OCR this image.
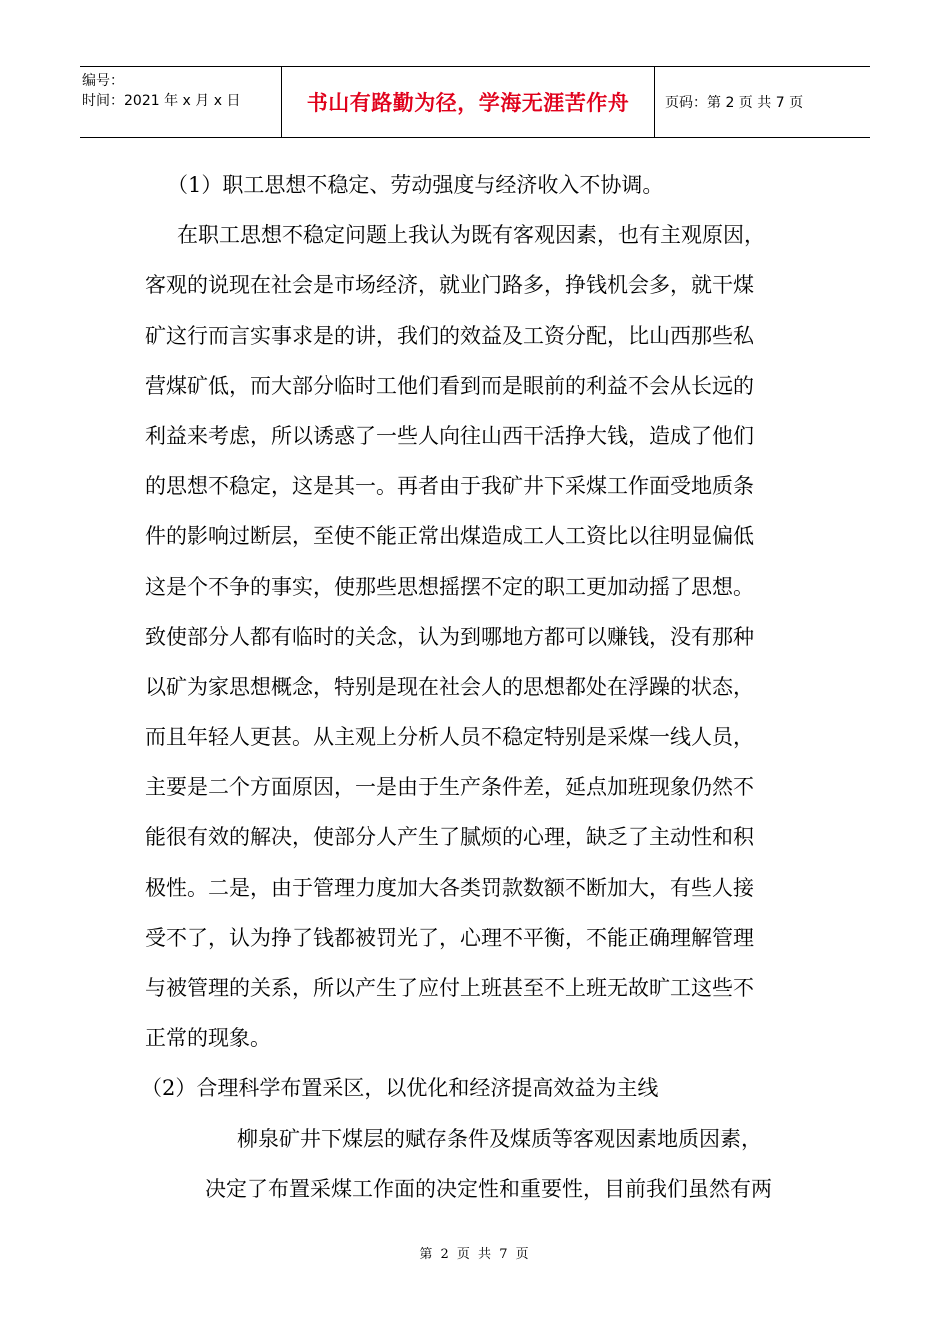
编号：
时间：2021 年 x 月 x 日	书山有路勤为径，学海无涯苦作舟	页码：第 2 页 共 7 页
（1）职工思想不稳定、劳动强度与经济收入不协调。
在职工思想不稳定问题上我认为既有客观因素，也有主观原因，
客观的说现在社会是市场经济，就业门路多，挣钱机会多，就干煤
矿这行而言实事求是的讲，我们的效益及工资分配，比山西那些私
营煤矿低，而大部分临时工他们看到而是眼前的利益不会从长远的
利益来考虑，所以诱惑了一些人向往山西干活挣大钱，造成了他们
的思想不稳定，这是其一。再者由于我矿井下采煤工作面受地质条
件的影响过断层，至使不能正常出煤造成工人工资比以往明显偏低
这是个不争的事实，使那些思想摇摆不定的职工更加动摇了思想。
致使部分人都有临时的关念，认为到哪地方都可以赚钱，没有那种
以矿为家思想概念，特别是现在社会人的思想都处在浮躁的状态，
而且年轻人更甚。从主观上分析人员不稳定特别是采煤一线人员，
主要是二个方面原因，一是由于生产条件差，延点加班现象仍然不
能很有效的解决，使部分人产生了腻烦的心理，缺乏了主动性和积
极性。二是，由于管理力度加大各类罚款数额不断加大，有些人接
受不了，认为挣了钱都被罚光了，心理不平衡，不能正确理解管理
与被管理的关系，所以产生了应付上班甚至不上班无故旷工这些不
正常的现象。
（2）合理科学布置采区，以优化和经济提高效益为主线
柳泉矿井下煤层的赋存条件及煤质等客观因素地质因素，
决定了布置采煤工作面的决定性和重要性，目前我们虽然有两
第 2 页 共 7 页
